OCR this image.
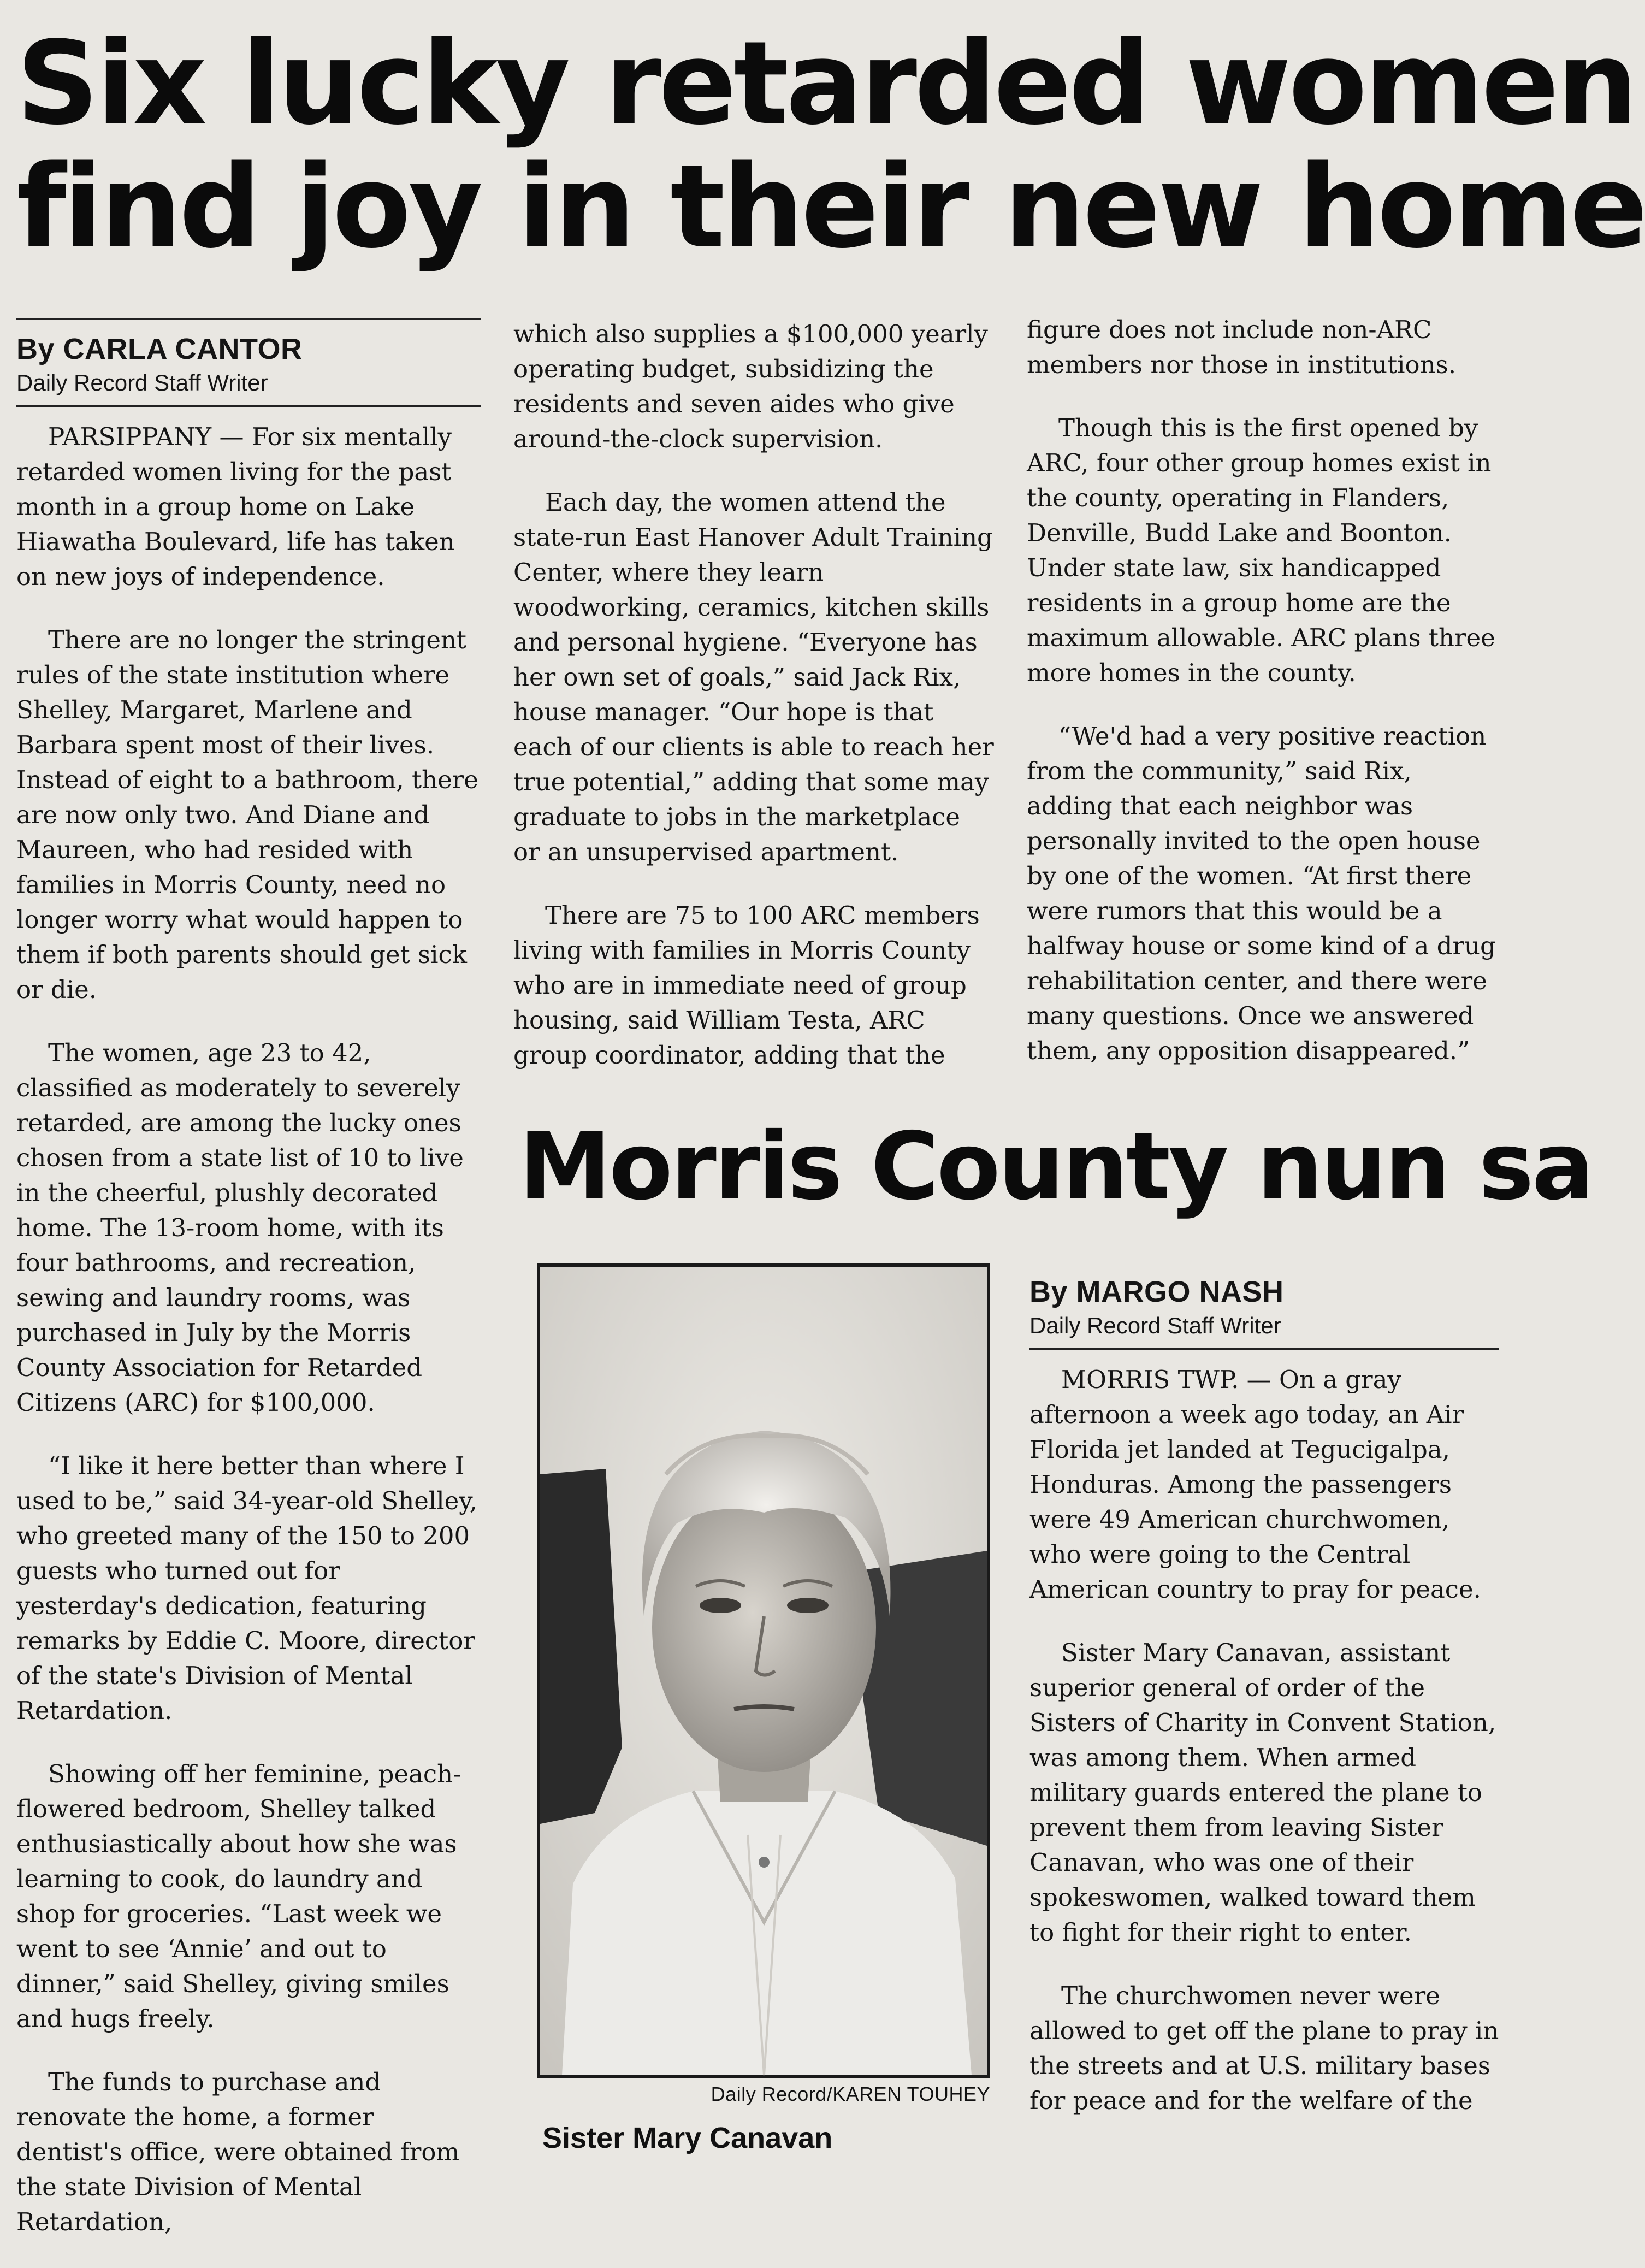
Six lucky retarded women
find joy in their new home
By CARLA CANTOR
Daily Record Staff Writer

PARSIPPANY — For six mentally retarded women living for the past month in a group home on Lake Hiawatha Boulevard, life has taken on new joys of independence.

There are no longer the stringent rules of the state institution where Shelley, Margaret, Marlene and Barbara spent most of their lives. Instead of eight to a bathroom, there are now only two. And Diane and Maureen, who had resided with families in Morris County, need no longer worry what would happen to them if both parents should get sick or die.

The women, age 23 to 42, classified as moderately to severely retarded, are among the lucky ones chosen from a state list of 10 to live in the cheerful, plushly decorated home. The 13-room home, with its four bathrooms, and recreation, sewing and laundry rooms, was purchased in July by the Morris County Association for Retarded Citizens (ARC) for $100,000.

“I like it here better than where I used to be,” said 34-year-old Shelley, who greeted many of the 150 to 200 guests who turned out for yesterday's dedication, featuring remarks by Eddie C. Moore, director of the state's Division of Mental Retardation.

Showing off her feminine, peach-flowered bedroom, Shelley talked enthusiastically about how she was learning to cook, do laundry and shop for groceries. “Last week we went to see ‘Annie’ and out to dinner,” said Shelley, giving smiles and hugs freely.

The funds to purchase and renovate the home, a former dentist's office, were obtained from the state Division of Mental Retardation,

which also supplies a $100,000 yearly operating budget, subsidizing the residents and seven aides who give around-the-clock supervision.

Each day, the women attend the state-run East Hanover Adult Training Center, where they learn woodworking, ceramics, kitchen skills and personal hygiene. “Everyone has her own set of goals,” said Jack Rix, house manager. “Our hope is that each of our clients is able to reach her true potential,” adding that some may graduate to jobs in the marketplace or an unsupervised apartment.

There are 75 to 100 ARC members living with families in Morris County who are in immediate need of group housing, said William Testa, ARC group coordinator, adding that the

figure does not include non-ARC members nor those in institutions.

Though this is the first opened by ARC, four other group homes exist in the county, operating in Flanders, Denville, Budd Lake and Boonton. Under state law, six handicapped residents in a group home are the maximum allowable. ARC plans three more homes in the county.

“We'd had a very positive reaction from the community,” said Rix, adding that each neighbor was personally invited to the open house by one of the women. “At first there were rumors that this would be a halfway house or some kind of a drug rehabilitation center, and there were many questions. Once we answered them, any opposition disappeared.”

Morris County nun sa
Daily Record/KAREN TOUHEY
Sister Mary Canavan
By MARGO NASH
Daily Record Staff Writer

MORRIS TWP. — On a gray afternoon a week ago today, an Air Florida jet landed at Tegucigalpa, Honduras. Among the passengers were 49 American churchwomen, who were going to the Central American country to pray for peace.

Sister Mary Canavan, assistant superior general of order of the Sisters of Charity in Convent Station, was among them. When armed military guards entered the plane to prevent them from leaving Sister Canavan, who was one of their spokeswomen, walked toward them to fight for their right to enter.

The churchwomen never were allowed to get off the plane to pray in the streets and at U.S. military bases for peace and for the welfare of the
